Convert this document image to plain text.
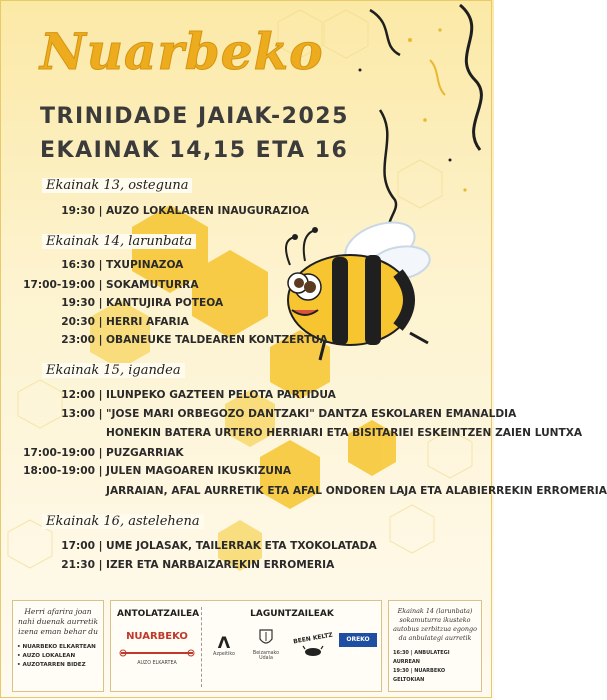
Nuarbeko
TRINIDADE JAIAK-2025
EKAINAK 14,15 ETA 16
Ekainak 13, osteguna
19:30 | AUZO LOKALAREN INAUGURAZIOA
Ekainak 14, larunbata
16:30 | TXUPINAZOA
17:00-19:00 | SOKAMUTURRA
19:30 | KANTUJIRA POTEOA
20:30 | HERRI AFARIA
23:00 | OBANEUKE TALDEAREN KONTZERTUA
Ekainak 15, igandea
12:00 | ILUNPEKO GAZTEEN PELOTA PARTIDUA
13:00 | "JOSE MARI ORBEGOZO DANTZAKI" DANTZA ESKOLAREN EMANALDIA
HONEKIN BATERA URTERO HERRIARI ETA BISITARIEI ESKEINTZEN ZAIEN LUNTXA
17:00-19:00 | PUZGARRIAK
18:00-19:00 | JULEN MAGOAREN IKUSKIZUNA
JARRAIAN, AFAL AURRETIK ETA AFAL ONDOREN LAJA ETA ALABIERREKIN ERROMERIA
Ekainak 16, astelehena
17:00 | UME JOLASAK, TAILERRAK ETA TXOKOLATADA
21:30 | IZER ETA NARBAIZAREKIN ERROMERIA
Herri afarira joan nahi duenak aurretik izena eman behar du
• NUARBEKO ELKARTEAN
• AUZO LOKALEAN
• AUZOTARREN BIDEZ
ANTOLATZAILEA
NUARBEKO
AUZO ELKARTEA
LAGUNTZAILEAK
Λ
Azpeitiko	Beizamako Udala
BEEN KELTZ	OREKO S.L.
Ekainak 14 (larunbata) sokamuturra ikusteko autobus zerbitzua egongo da anbulategi aurretik
16:30 | ANBULATEGI AURREAN
19:30 | NUARBEKO GELTOKIAN
